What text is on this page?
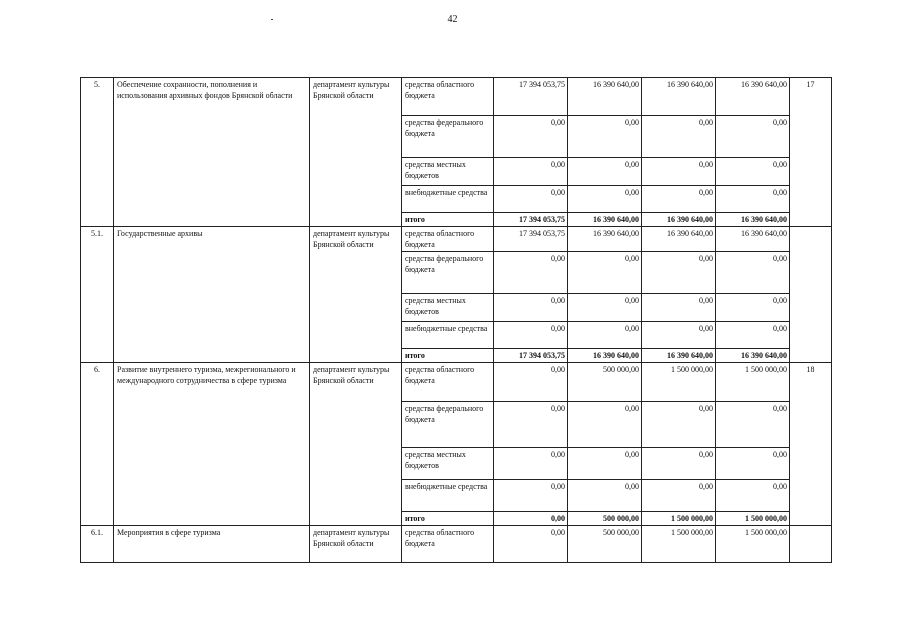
42
5.	Обеспечение сохранности, пополнения и использования архивных фондов Брянской области	департамент культуры Брянской области	средства областного бюджета	17 394 053,75	16 390 640,00	16 390 640,00	16 390 640,00	17
			средства федерального бюджета	0,00	0,00	0,00	0,00	
			средства местных бюджетов	0,00	0,00	0,00	0,00	
			внебюджетные средства	0,00	0,00	0,00	0,00	
			итого	17 394 053,75	16 390 640,00	16 390 640,00	16 390 640,00	
5.1.	Государственные архивы	департамент культуры Брянской области	средства областного бюджета	17 394 053,75	16 390 640,00	16 390 640,00	16 390 640,00	
			средства федерального бюджета	0,00	0,00	0,00	0,00	
			средства местных бюджетов	0,00	0,00	0,00	0,00	
			внебюджетные средства	0,00	0,00	0,00	0,00	
			итого	17 394 053,75	16 390 640,00	16 390 640,00	16 390 640,00	
6.	Развитие внутреннего туризма, межрегионального и международного сотрудничества в сфере туризма	департамент культуры Брянской области	средства областного бюджета	0,00	500 000,00	1 500 000,00	1 500 000,00	18
			средства федерального бюджета	0,00	0,00	0,00	0,00	
			средства местных бюджетов	0,00	0,00	0,00	0,00	
			внебюджетные средства	0,00	0,00	0,00	0,00	
			итого	0,00	500 000,00	1 500 000,00	1 500 000,00	
6.1.	Мероприятия в сфере туризма	департамент культуры Брянской области	средства областного бюджета	0,00	500 000,00	1 500 000,00	1 500 000,00	
